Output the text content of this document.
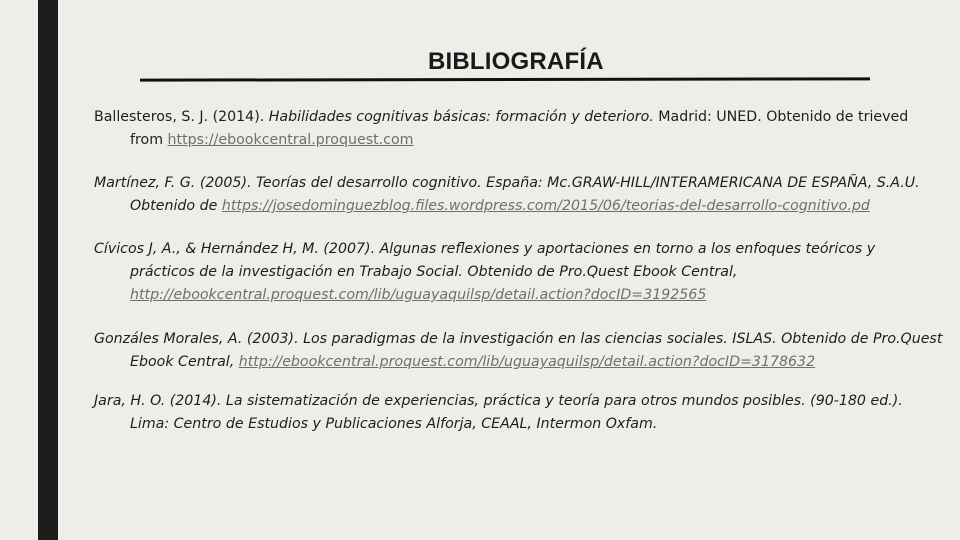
BIBLIOGRAFÍA

Ballesteros, S. J. (2014). Habilidades cognitivas básicas: formación y deterioro. Madrid: UNED. Obtenido de trieved from https://ebookcentral.proquest.com

Martínez, F. G. (2005). Teorías del desarrollo cognitivo. España: Mc.GRAW-HILL/INTERAMERICANA DE ESPAÑA, S.A.U. Obtenido de https://josedominguezblog.files.wordpress.com/2015/06/teorias-del-desarrollo-cognitivo.pd

Cívicos J, A., & Hernández H, M. (2007). Algunas reflexiones y aportaciones en torno a los enfoques teóricos y prácticos de la investigación en Trabajo Social. Obtenido de Pro.Quest Ebook Central, http://ebookcentral.proquest.com/lib/uguayaquilsp/detail.action?docID=3192565

Gonzáles Morales, A. (2003). Los paradigmas de la investigación en las ciencias sociales. ISLAS. Obtenido de Pro.Quest Ebook Central, http://ebookcentral.proquest.com/lib/uguayaquilsp/detail.action?docID=3178632

Jara, H. O. (2014). La sistematización de experiencias, práctica y teoría para otros mundos posibles. (90-180 ed.). Lima: Centro de Estudios y Publicaciones Alforja, CEAAL, Intermon Oxfam.
